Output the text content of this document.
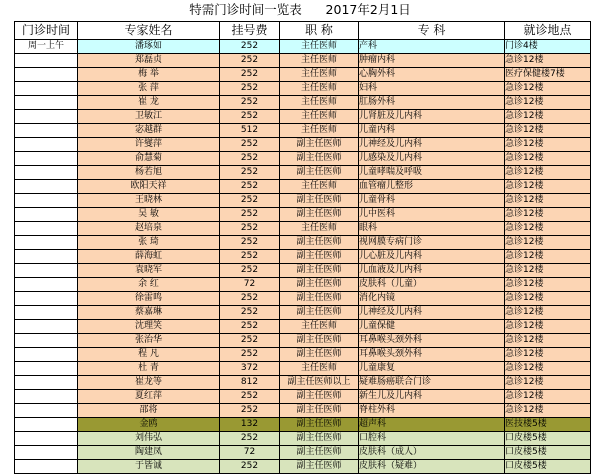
特需门诊时间一览表      2017年2月1日
门诊时间	专家姓名	挂号费	职 称	专 科	就诊地点
周一上午	潘琢如	252	主任医师	产科	门诊4楼
	郑磊贞	252	主任医师	肿瘤内科	急诊12楼
	梅 举	252	主任医师	心胸外科	医疗保健楼7楼
	张 萍	252	主任医师	妇科	急诊12楼
	崔 龙	252	主任医师	肛肠外科	急诊12楼
	卫敏江	252	主任医师	儿肾脏及儿内科	急诊12楼
	宓越群	512	主任医师	儿童内科	急诊12楼
	许燮萍	252	副主任医师	儿神经及儿内科	急诊12楼
	俞慧菊	252	副主任医师	儿感染及儿内科	急诊12楼
	杨若旭	252	副主任医师	儿童哮喘及呼吸	急诊12楼
	欧阳天祥	252	主任医师	血管瘤儿整形	急诊12楼
	王晓林	252	副主任医师	儿童骨科	急诊12楼
	吴 敏	252	副主任医师	儿中医科	急诊12楼
	赵培泉	252	主任医师	眼科	急诊12楼
	张 琦	252	副主任医师	视网膜专病门诊	急诊12楼
	薛海虹	252	副主任医师	儿心脏及儿内科	急诊12楼
	袁晓军	252	副主任医师	儿血液及儿内科	急诊12楼
	余 红	72	副主任医师	皮肤科（儿童）	急诊12楼
	徐雷鸣	252	副主任医师	消化内镜	急诊12楼
	蔡嘉琳	252	副主任医师	儿神经及儿内科	急诊12楼
	沈理笑	252	主任医师	儿童保健	急诊12楼
	张治华	252	副主任医师	耳鼻喉头颈外科	急诊12楼
	程 凡	252	副主任医师	耳鼻喉头颈外科	急诊12楼
	杜 青	372	主任医师	儿童康复	急诊12楼
	崔龙等	812	副主任医师以上	疑难肠癌联合门诊	急诊12楼
	夏红萍	252	副主任医师	新生儿及儿内科	急诊12楼
	邵将	252	副主任医师	脊柱外科	急诊12楼
	金鸥	132	副主任医师	超声科	医技楼5楼
	刘伟弘	252	副主任医师	口腔科	口皮楼5楼
	陶建凤	72	副主任医师	皮肤科（成人）	口皮楼5楼
	于皆诚	252	副主任医师	皮肤科（疑难）	口皮楼5楼
